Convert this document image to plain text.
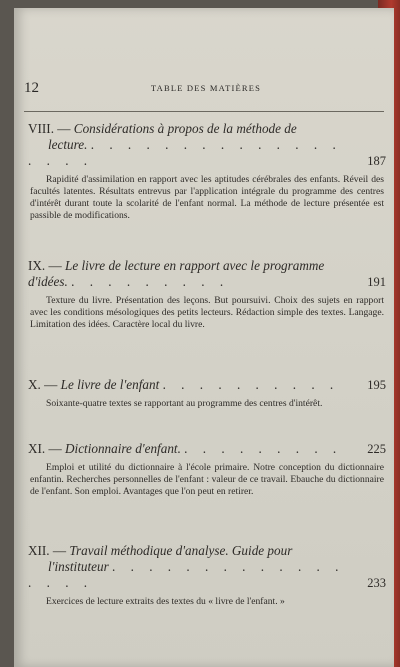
12	TABLE DES MATIÈRES
VIII. — Considérations à propos de la méthode de
lecture. . . . . . . . . . . . . . . . . . .	187
Rapidité d'assimilation en rapport avec les aptitudes cérébrales des enfants. Réveil des facultés latentes. Résultats entrevus par l'application intégrale du programme des centres d'intérêt durant toute la scolarité de l'enfant normal. La méthode de lecture présentée est passible de modifications.
IX. — Le livre de lecture en rapport avec le programme d'idées. . . . . . . . . .	191
Texture du livre. Présentation des leçons. But poursuivi. Choix des sujets en rapport avec les conditions mésologiques des petits lecteurs. Rédaction simple des textes. Langage. Limitation des idées. Caractère local du livre.
X. — Le livre de l'enfant . . . . . . . . . . 195
Soixante-quatre textes se rapportant au programme des centres d'intérêt.
XI. — Dictionnaire d'enfant. . . . . . . . . . 225
Emploi et utilité du dictionnaire à l'école primaire. Notre conception du dictionnaire enfantin. Recherches personnelles de l'enfant : valeur de ce travail. Ebauche du dictionnaire de l'enfant. Son emploi. Avantages que l'on peut en retirer.
XII. — Travail méthodique d'analyse. Guide pour
l'instituteur . . . . . . . . . . . . . . . . .	233
Exercices de lecture extraits des textes du « livre de l'enfant. »
